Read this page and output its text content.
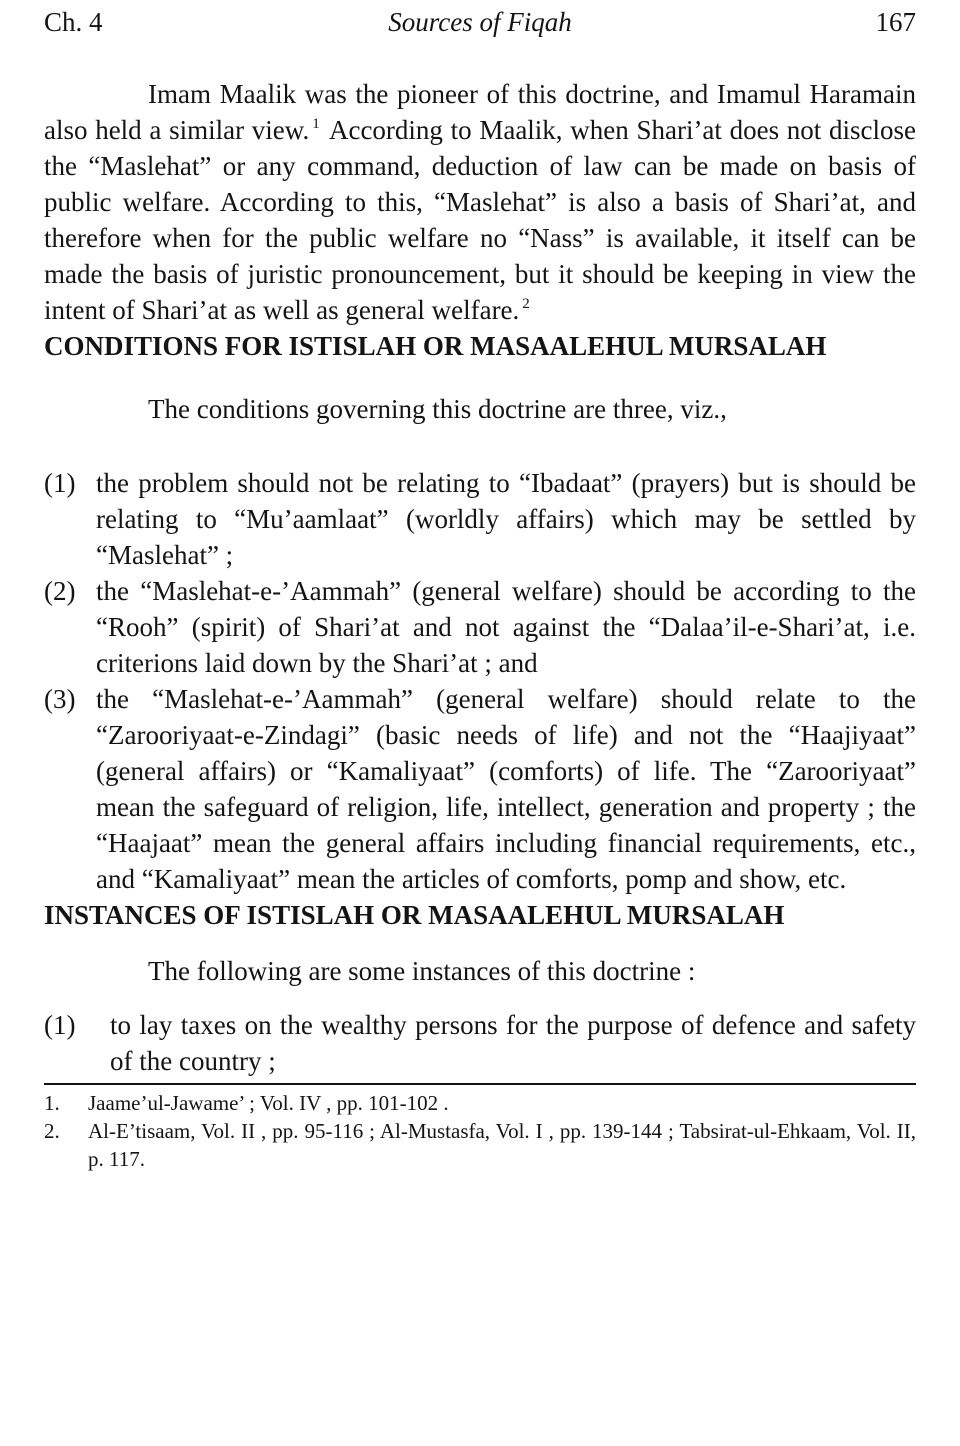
Ch. 4	Sources of Fiqah	167

Imam Maalik was the pioneer of this doctrine, and Imamul Haramain also held a similar view. $^1$ According to Maalik, when Shari’at does not disclose the “Maslehat” or any command, deduction of law can be made on basis of public welfare. According to this, “Maslehat” is also a basis of Shari’at, and therefore when for the public welfare no “Nass” is available, it itself can be made the basis of juristic pronouncement, but it should be keeping in view the intent of Shari’at as well as general welfare. $^2$

CONDITIONS FOR ISTISLAH OR MASAALEHUL MURSALAH

The conditions governing this doctrine are three, viz.,

(1) the problem should not be relating to “Ibadaat” (prayers) but is should be relating to “Mu’aamlaat” (worldly affairs) which may be settled by “Maslehat” ;
(2) the “Maslehat-e-’Aammah” (general welfare) should be according to the “Rooh” (spirit) of Shari’at and not against the “Dalaa’il-e-Shari’at, i.e. criterions laid down by the Shari’at ; and
(3) the “Maslehat-e-’Aammah” (general welfare) should relate to the “Zarooriyaat-e-Zindagi” (basic needs of life) and not the “Haajiyaat” (general affairs) or “Kamaliyaat” (comforts) of life. The “Zarooriyaat” mean the safeguard of religion, life, intellect, generation and property ; the “Haajaat” mean the general affairs including financial requirements, etc., and “Kamaliyaat” mean the articles of comforts, pomp and show, etc.
INSTANCES OF ISTISLAH OR MASAALEHUL MURSALAH

The following are some instances of this doctrine :

(1) to lay taxes on the wealthy persons for the purpose of defence and safety of the country ;
1. Jaame’ul-Jawame’ ; Vol. IV , pp. 101-102 .
2. Al-E’tisaam, Vol. II , pp. 95-116 ; Al-Mustasfa, Vol. I , pp. 139-144 ; Tabsirat-ul-Ehkaam, Vol. II, p. 117.
